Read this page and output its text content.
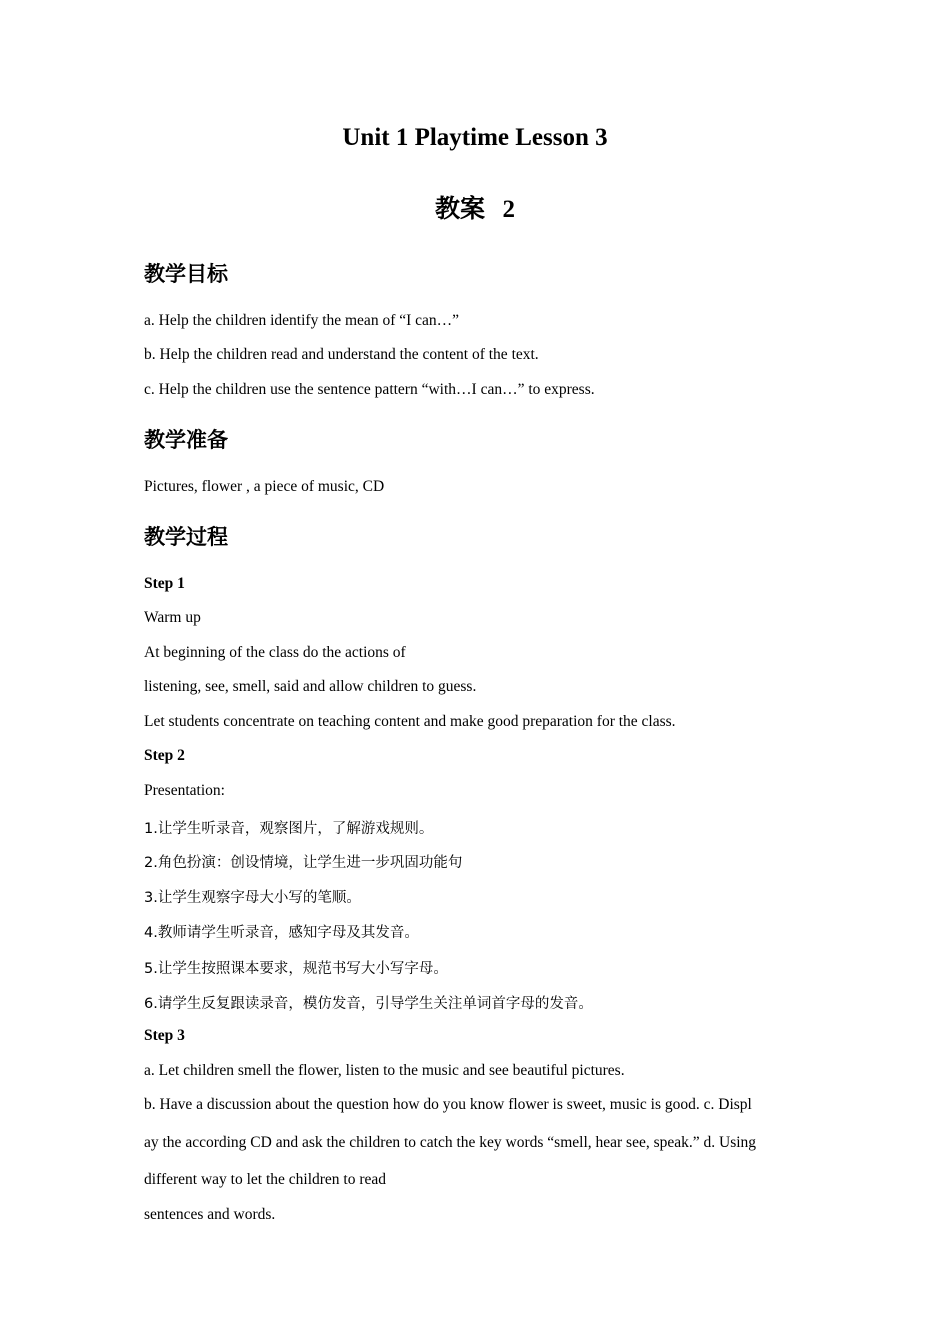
Unit 1 Playtime Lesson 3
教案 2
教学目标

a. Help the children identify the mean of “I can…”

b. Help the children read and understand the content of the text.

c. Help the children use the sentence pattern “with…I can…” to express.

教学准备

Pictures, flower , a piece of music, CD

教学过程

Step 1

Warm up

At beginning of the class do the actions of

listening, see, smell, said and allow children to guess.

Let students concentrate on teaching content and make good preparation for the class.

Step 2

Presentation:

1.让学生听录音，观察图片，了解游戏规则。

2.角色扮演：创设情境，让学生进一步巩固功能句

3.让学生观察字母大小写的笔顺。

4.教师请学生听录音，感知字母及其发音。

5.让学生按照课本要求，规范书写大小写字母。

6.请学生反复跟读录音，模仿发音，引导学生关注单词首字母的发音。

Step 3

a. Let children smell the flower, listen to the music and see beautiful pictures.

b. Have a discussion about the question how do you know flower is sweet, music is good. c. Displ

ay the according CD and ask the children to catch the key words “smell, hear see, speak.” d. Using

different way to let the children to read

sentences and words.
